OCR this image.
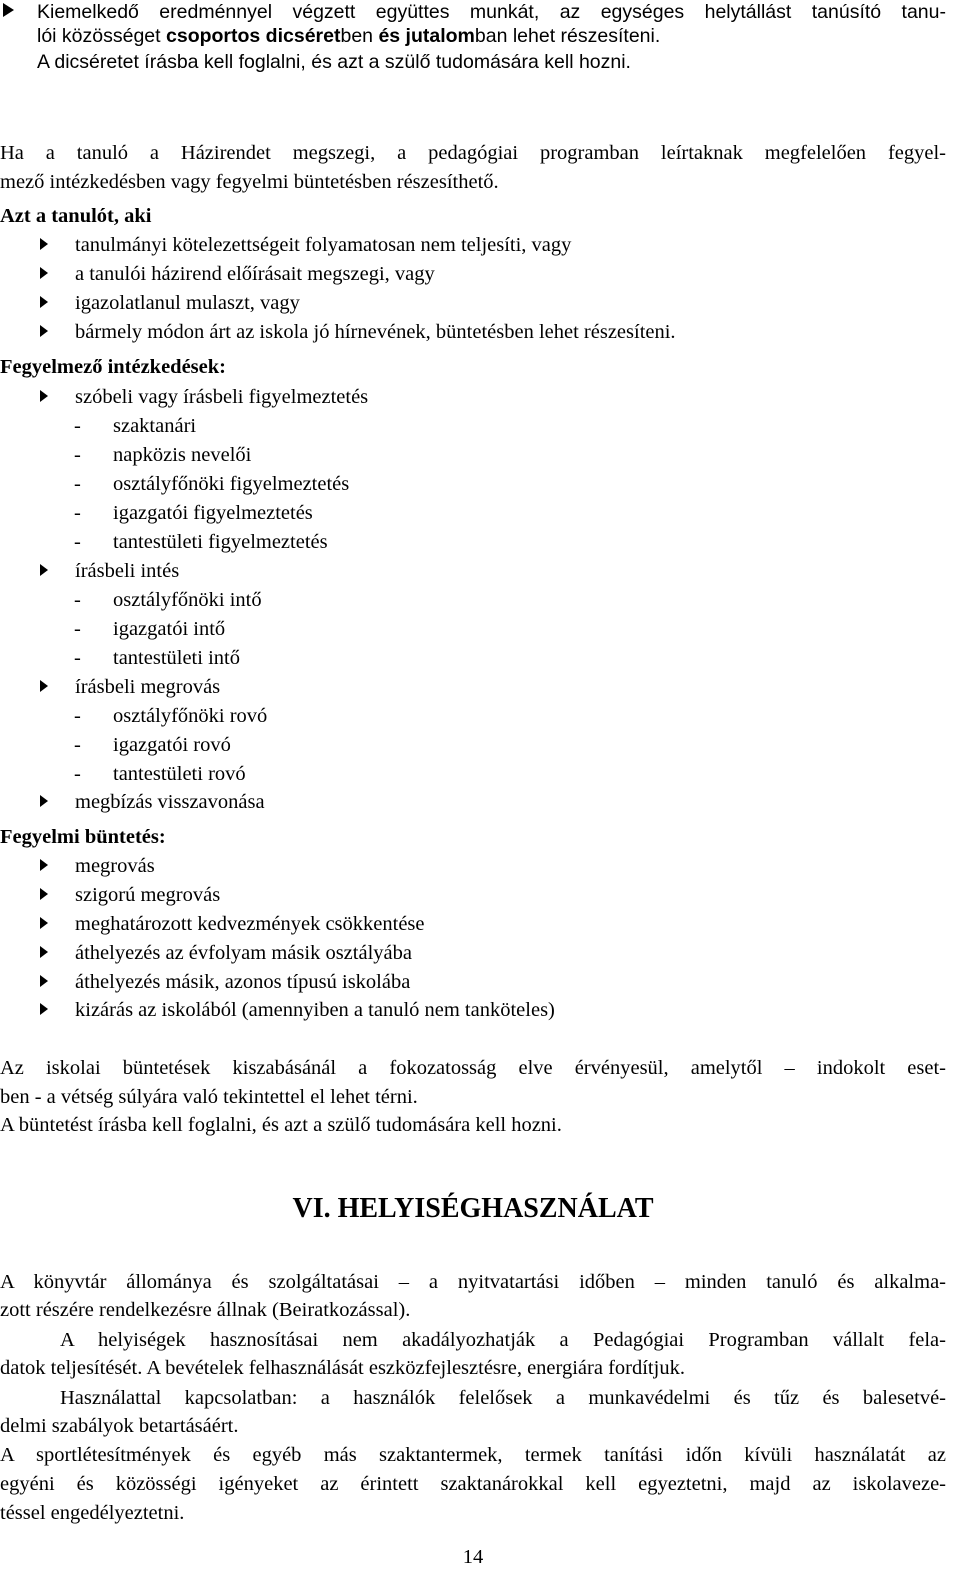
Kiemelkedő eredménnyel végzett együttes munkát, az egységes helytállást tanúsító tanu-
lói közösséget csoportos dicséretben és jutalomban lehet részesíteni.
A dicséretet írásba kell foglalni, és azt a szülő tudomására kell hozni.
Ha a tanuló a Házirendet megszegi, a pedagógiai programban leírtaknak megfelelően fegyel-
mező intézkedésben vagy fegyelmi büntetésben részesíthető.
Azt a tanulót, aki
tanulmányi kötelezettségeit folyamatosan nem teljesíti, vagy
a tanulói házirend előírásait megszegi, vagy
igazolatlanul mulaszt, vagy
bármely módon árt az iskola jó hírnevének, büntetésben lehet részesíteni.
Fegyelmező intézkedések:
szóbeli vagy írásbeli figyelmeztetés
- szaktanári
- napközis nevelői
- osztályfőnöki figyelmeztetés
- igazgatói figyelmeztetés
- tantestületi figyelmeztetés
írásbeli intés
- osztályfőnöki intő
- igazgatói intő
- tantestületi intő
írásbeli megrovás
- osztályfőnöki rovó
- igazgatói rovó
- tantestületi rovó
megbízás visszavonása
Fegyelmi büntetés:
megrovás
szigorú megrovás
meghatározott kedvezmények csökkentése
áthelyezés az évfolyam másik osztályába
áthelyezés másik, azonos típusú iskolába
kizárás az iskolából (amennyiben a tanuló nem tanköteles)
Az iskolai büntetések kiszabásánál a fokozatosság elve érvényesül, amelytől – indokolt eset-
ben - a vétség súlyára való tekintettel el lehet térni.
A büntetést írásba kell foglalni, és azt a szülő tudomására kell hozni.
VI. HELYISÉGHASZNÁLAT
A könyvtár állománya és szolgáltatásai – a nyitvatartási időben – minden tanuló és alkalma-
zott részére rendelkezésre állnak (Beiratkozással).
A helyiségek hasznosításai nem akadályozhatják a Pedagógiai Programban vállalt fela-
datok teljesítését. A bevételek felhasználását eszközfejlesztésre, energiára fordítjuk.
Használattal kapcsolatban: a használók felelősek a munkavédelmi és tűz és balesetvé-
delmi szabályok betartásáért.
A sportlétesítmények és egyéb más szaktantermek, termek tanítási időn kívüli használatát az
egyéni és közösségi igényeket az érintett szaktanárokkal kell egyeztetni, majd az iskolaveze-
téssel engedélyeztetni.
14
